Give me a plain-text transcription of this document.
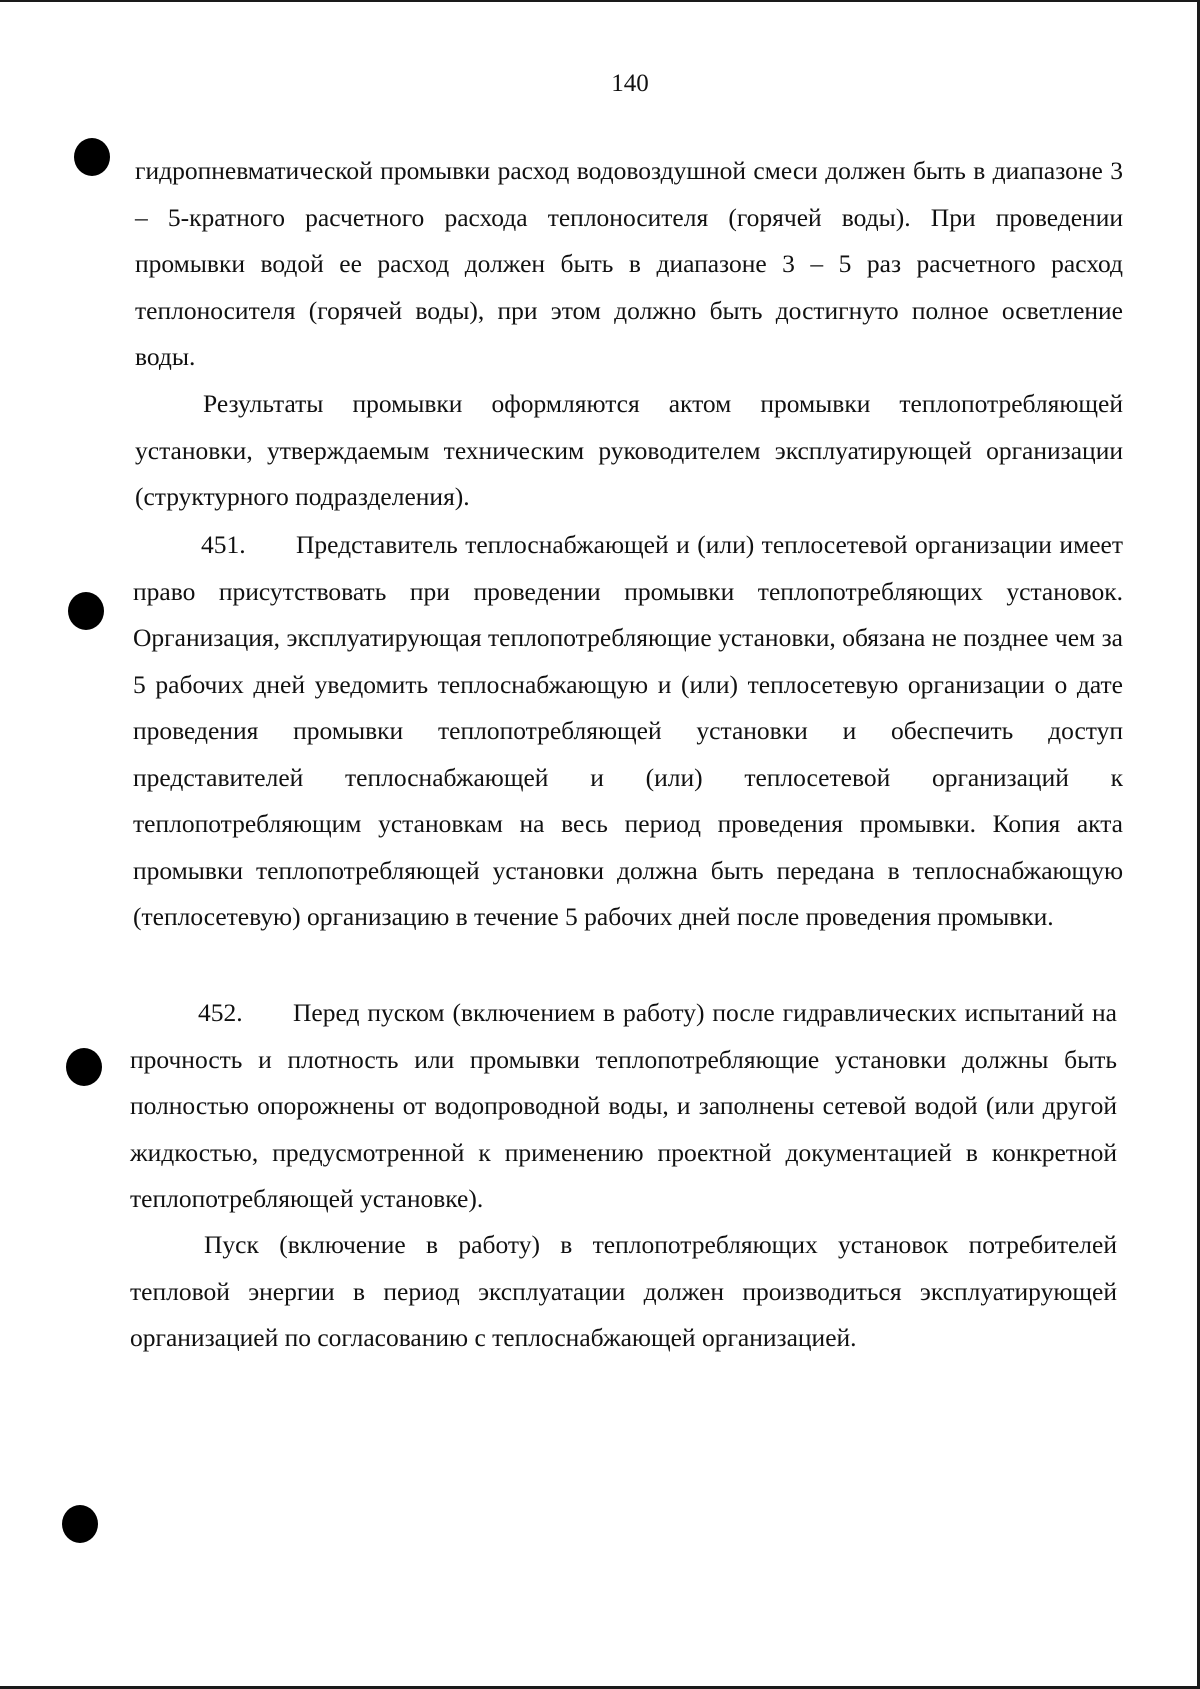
140

гидропневматической промывки расход водовоздушной смеси должен быть в диапазоне 3 – 5-кратного расчетного расхода теплоносителя (горячей воды). При проведении промывки водой ее расход должен быть в диапазоне 3 – 5 раз расчетного расход теплоносителя (горячей воды), при этом должно быть достигнуто полное осветление воды.

Результаты промывки оформляются актом промывки теплопотребляющей установки, утверждаемым техническим руководителем эксплуатирующей организации (структурного подразделения).

451. Представитель теплоснабжающей и (или) теплосетевой организации имеет право присутствовать при проведении промывки теплопотребляющих установок. Организация, эксплуатирующая теплопотребляющие установки, обязана не позднее чем за 5 рабочих дней уведомить теплоснабжающую и (или) теплосетевую организации о дате проведения промывки теплопотребляющей установки и обеспечить доступ представителей теплоснабжающей и (или) теплосетевой организаций к теплопотребляющим установкам на весь период проведения промывки. Копия акта промывки теплопотребляющей установки должна быть передана в теплоснабжающую (теплосетевую) организацию в течение 5 рабочих дней после проведения промывки.

452. Перед пуском (включением в работу) после гидравлических испытаний на прочность и плотность или промывки теплопотребляющие установки должны быть полностью опорожнены от водопроводной воды, и заполнены сетевой водой (или другой жидкостью, предусмотренной к применению проектной документацией в конкретной теплопотребляющей установке).

Пуск (включение в работу) в теплопотребляющих установок потребителей тепловой энергии в период эксплуатации должен производиться эксплуатирующей организацией по согласованию с теплоснабжающей организацией.
